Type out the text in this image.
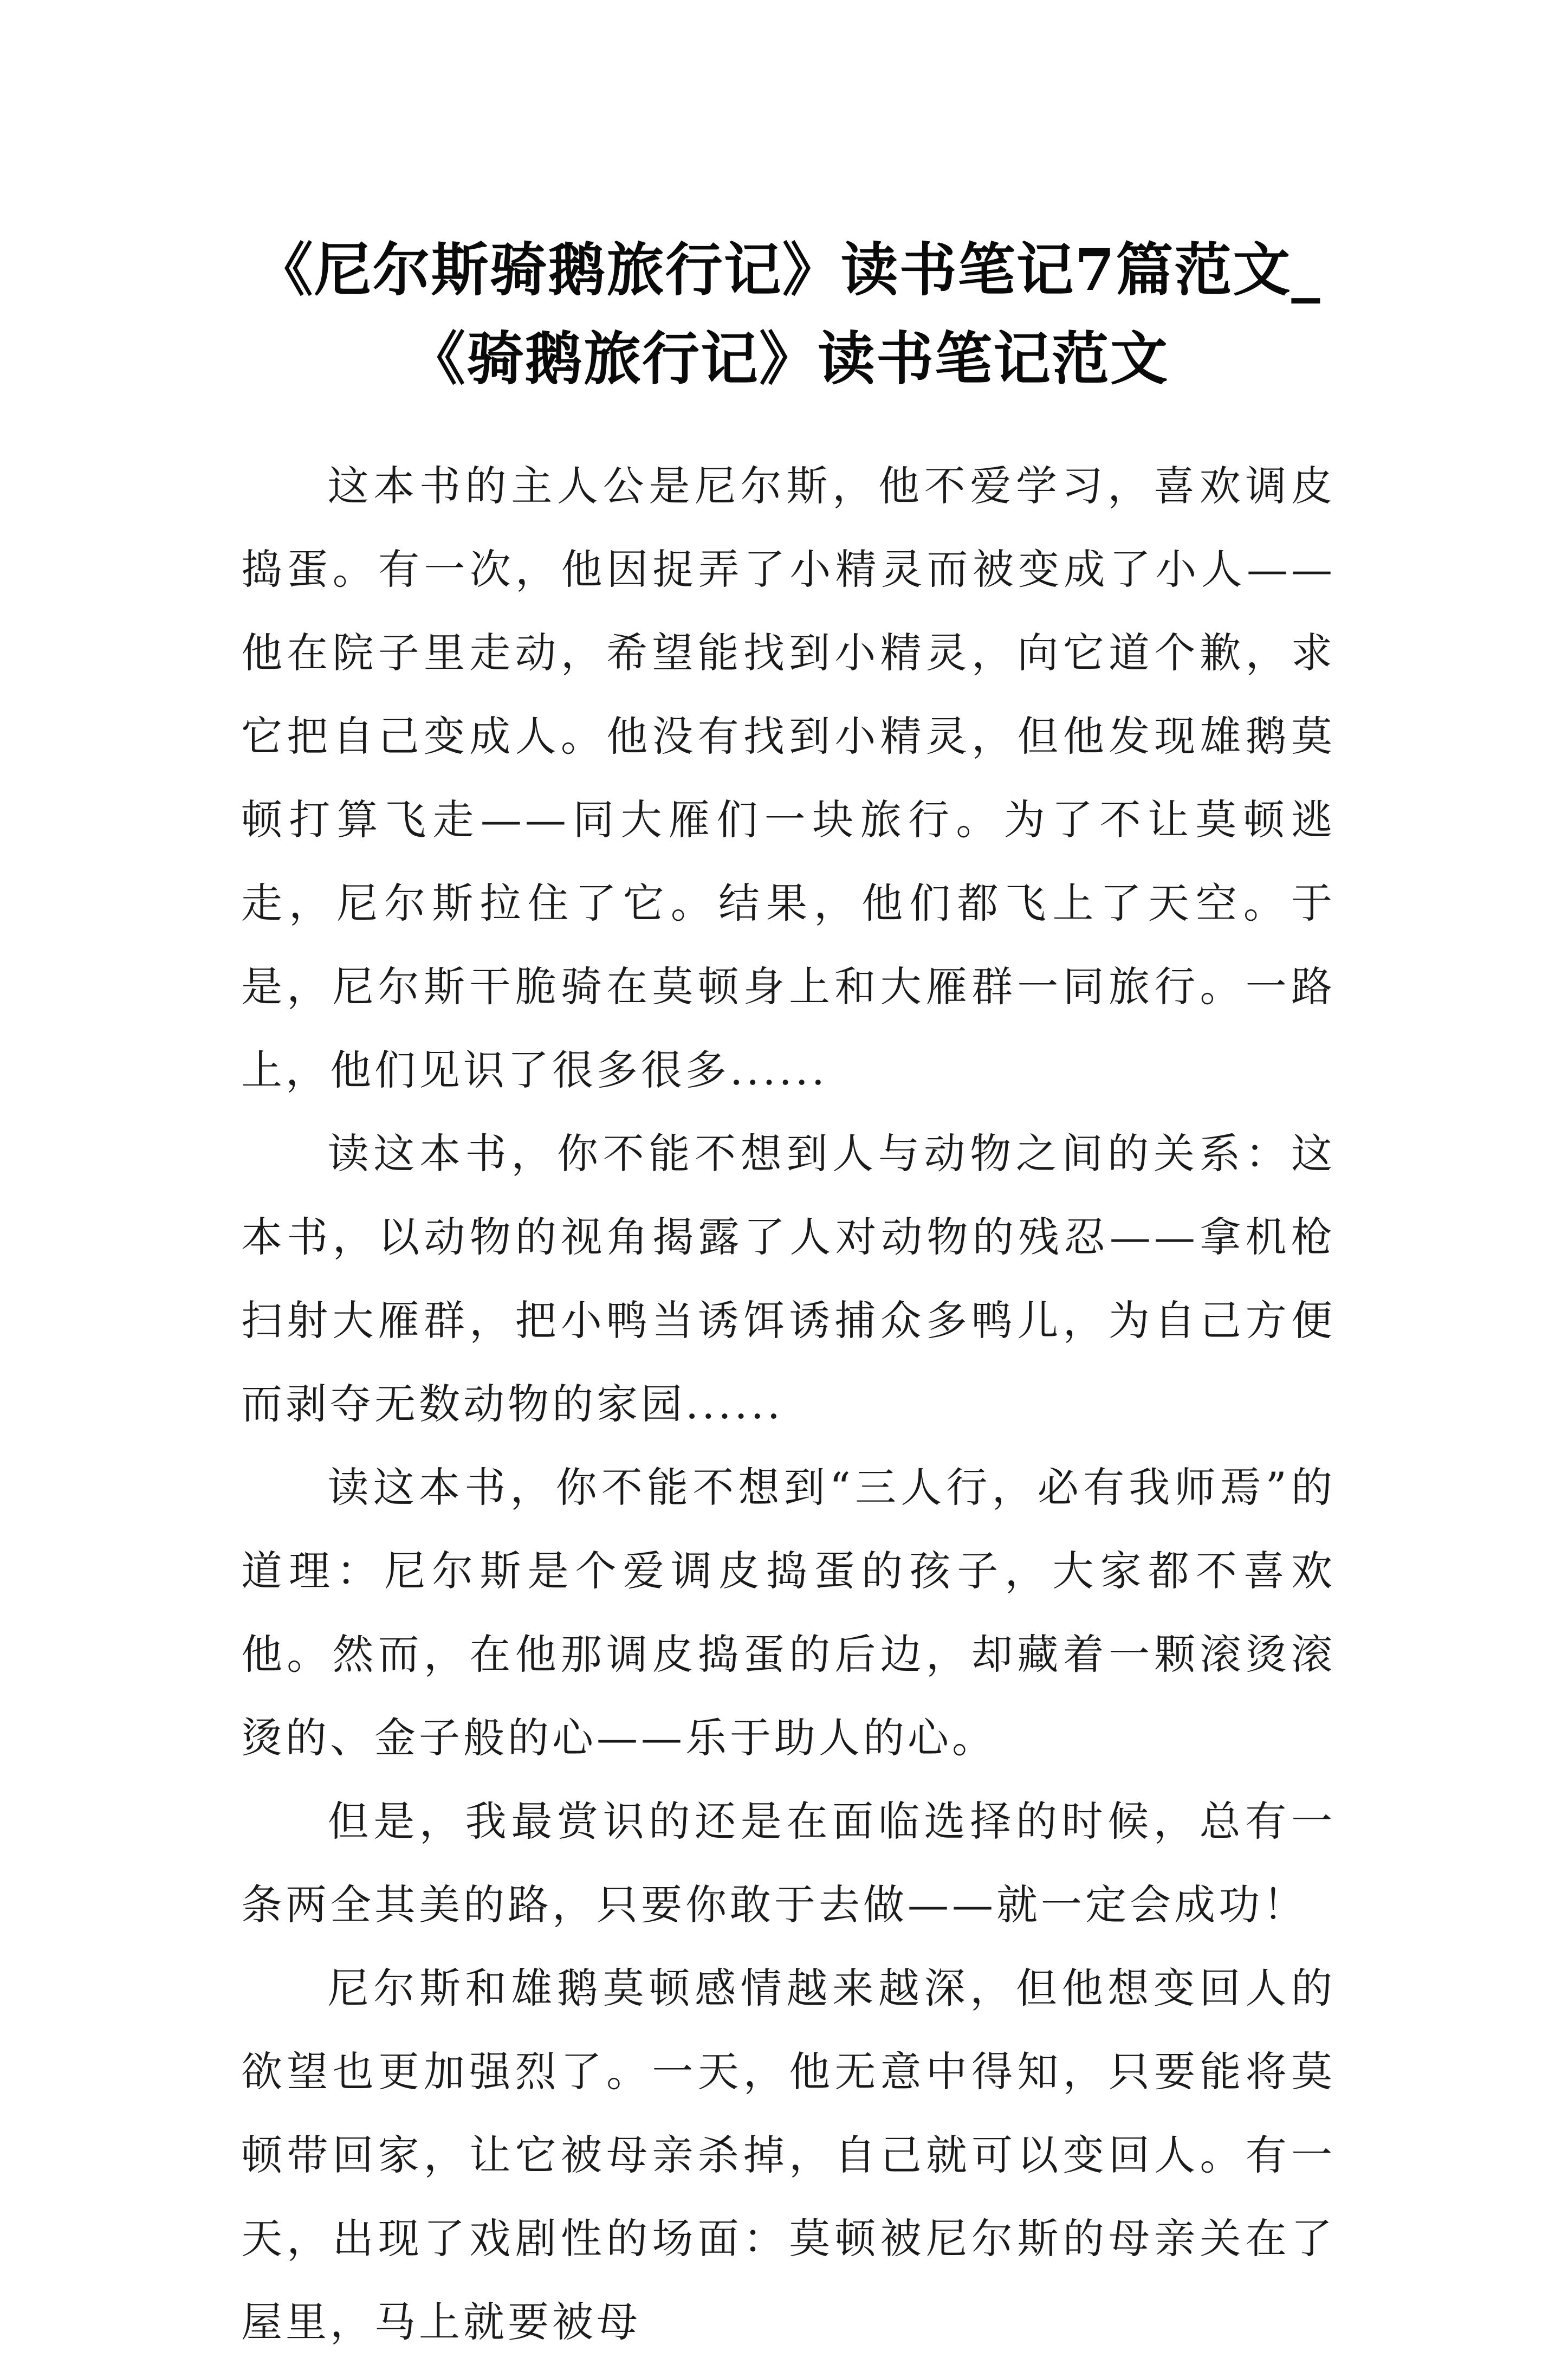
《尼尔斯骑鹅旅行记》读书笔记7篇范文_
《骑鹅旅行记》读书笔记范文

这本书的主人公是尼尔斯，他不爱学习，喜欢调皮捣蛋。有一次，他因捉弄了小精灵而被变成了小人——他在院子里走动，希望能找到小精灵，向它道个歉，求它把自己变成人。他没有找到小精灵，但他发现雄鹅莫顿打算飞走——同大雁们一块旅行。为了不让莫顿逃走，尼尔斯拉住了它。结果，他们都飞上了天空。于是，尼尔斯干脆骑在莫顿身上和大雁群一同旅行。一路上，他们见识了很多很多......

读这本书，你不能不想到人与动物之间的关系：这本书，以动物的视角揭露了人对动物的残忍——拿机枪扫射大雁群，把小鸭当诱饵诱捕众多鸭儿，为自己方便而剥夺无数动物的家园......

读这本书，你不能不想到“三人行，必有我师焉”的道理：尼尔斯是个爱调皮捣蛋的孩子，大家都不喜欢他。然而，在他那调皮捣蛋的后边，却藏着一颗滚烫滚烫的、金子般的心——乐于助人的心。

但是，我最赏识的还是在面临选择的时候，总有一条两全其美的路，只要你敢于去做——就一定会成功！

尼尔斯和雄鹅莫顿感情越来越深，但他想变回人的欲望也更加强烈了。一天，他无意中得知，只要能将莫顿带回家，让它被母亲杀掉，自己就可以变回人。有一天，出现了戏剧性的场面：莫顿被尼尔斯的母亲关在了屋里，马上就要被母
